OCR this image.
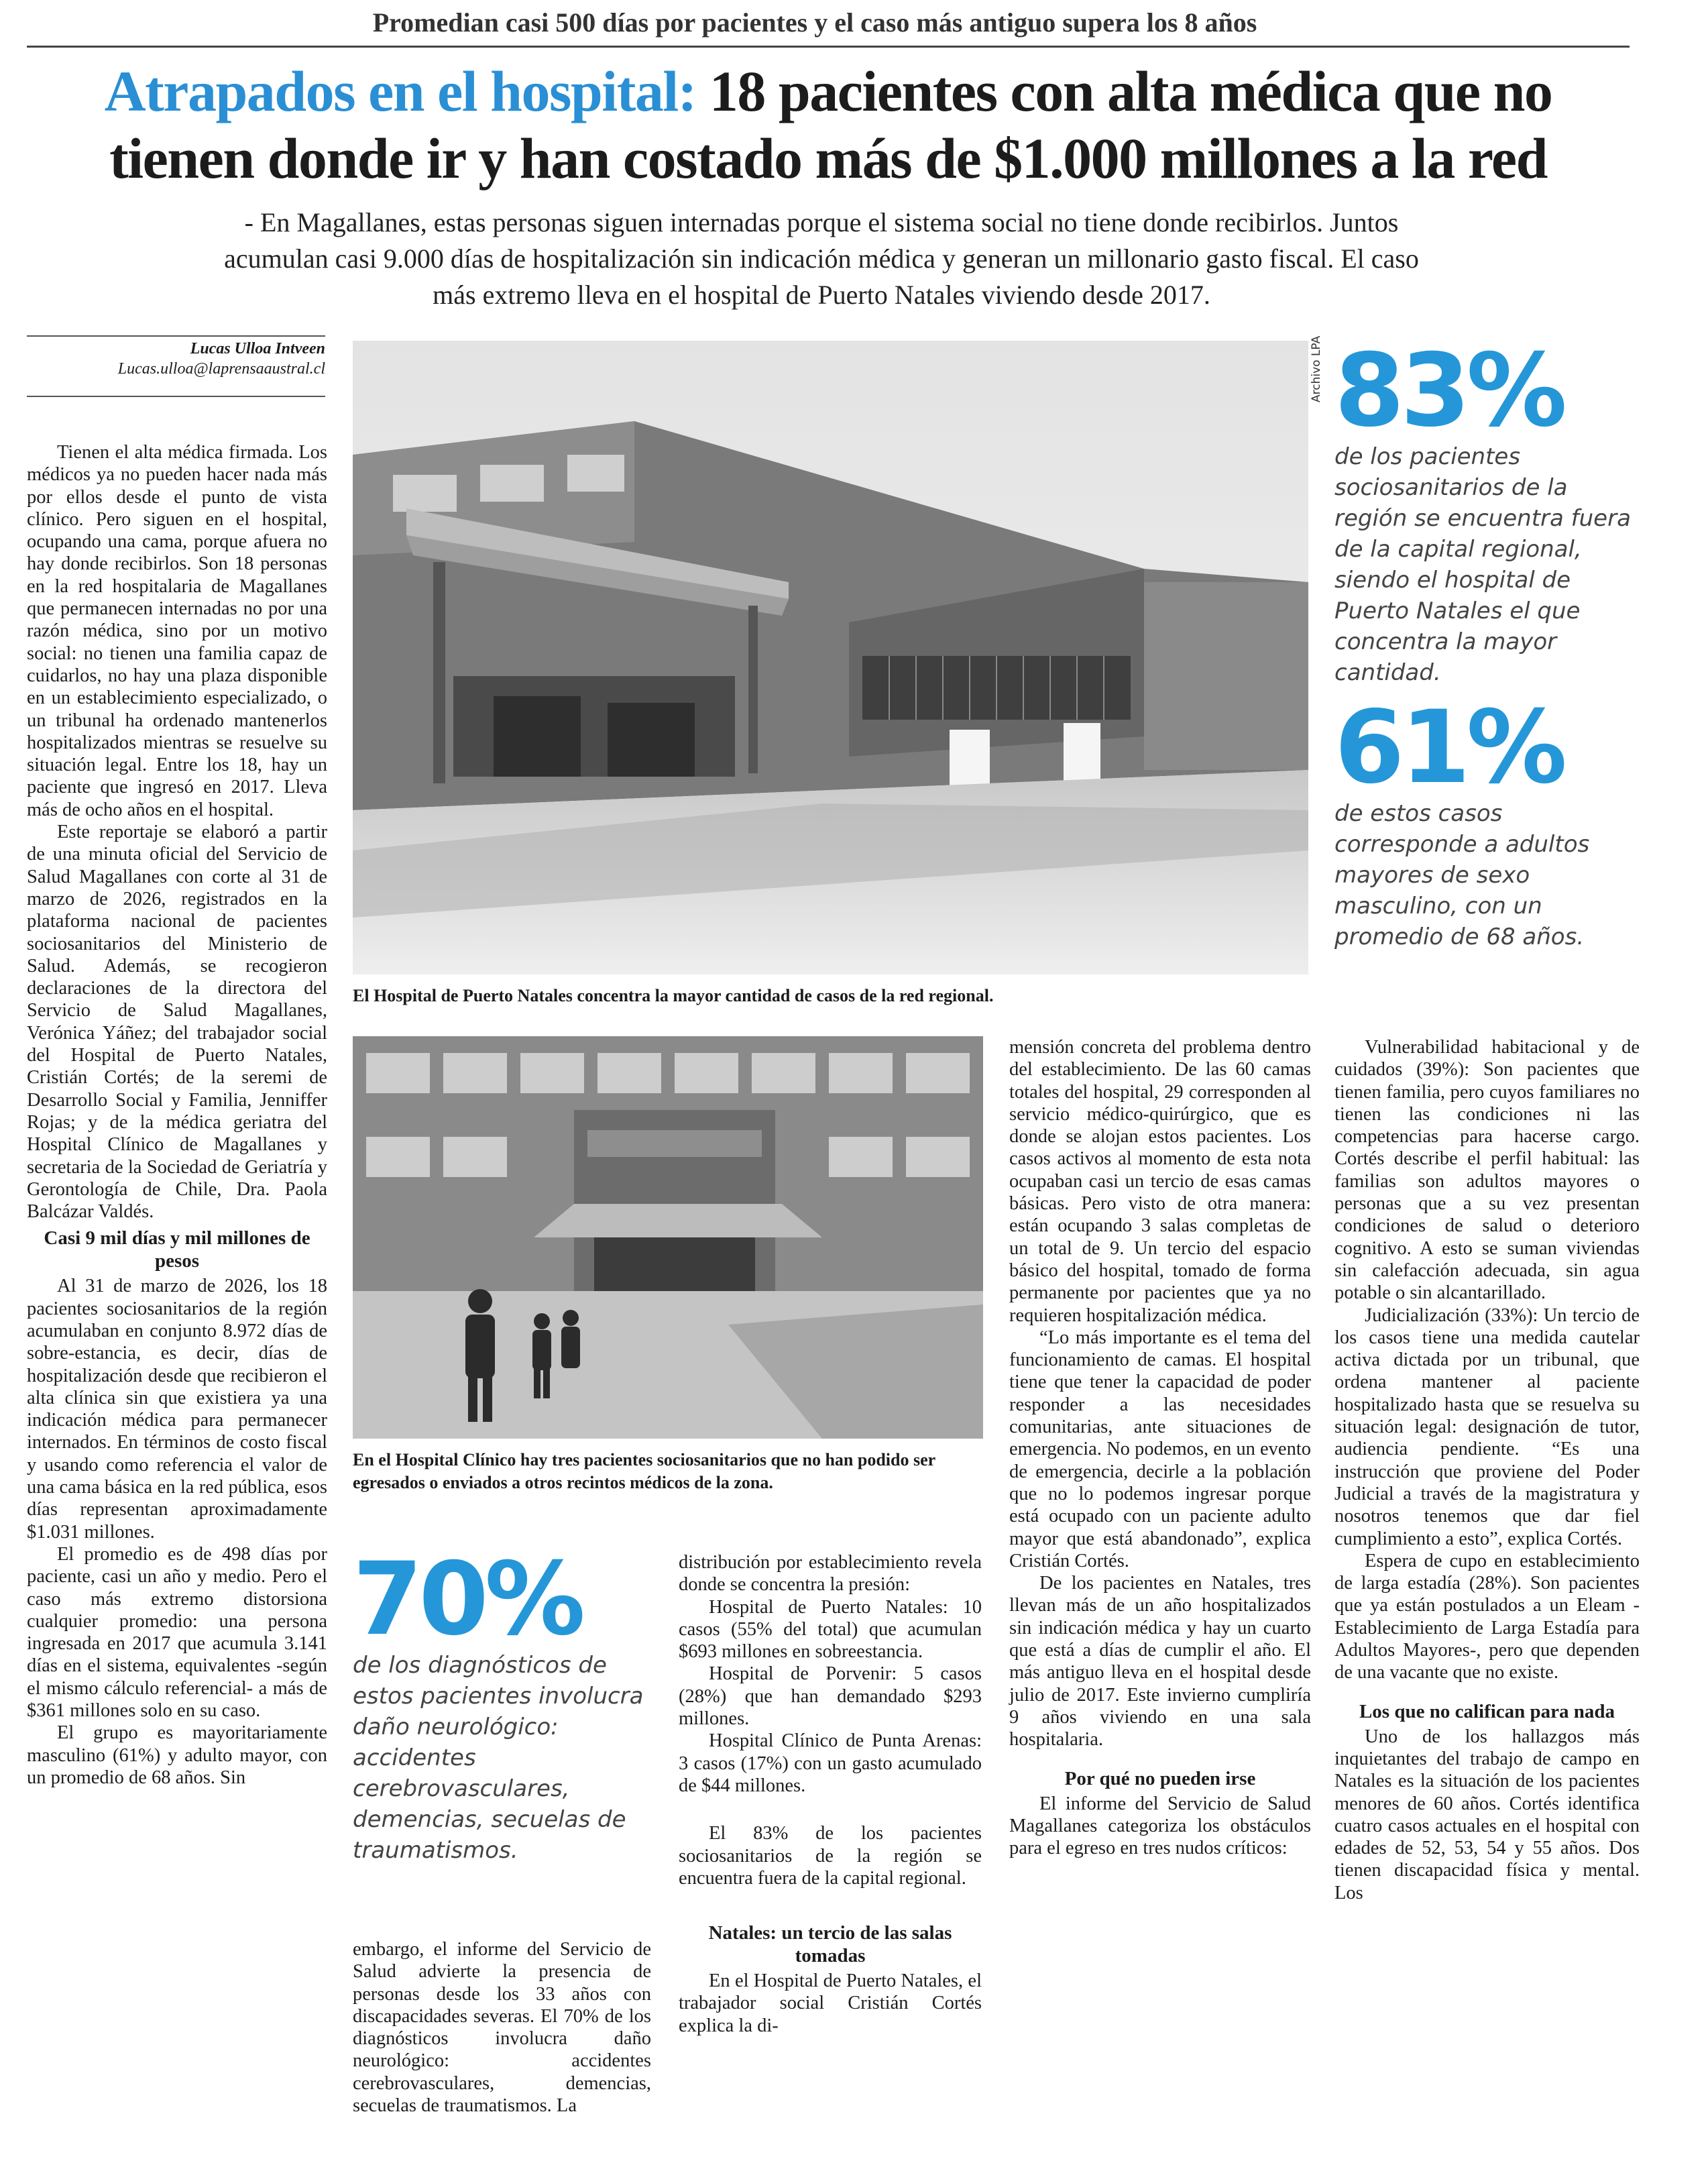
Promedian casi 500 días por pacientes y el caso más antiguo supera los 8 años
Atrapados en el hospital: 18 pacientes con alta médica que no tienen donde ir y han costado más de $1.000 millones a la red
- En Magallanes, estas personas siguen internadas porque el sistema social no tiene donde recibirlos. Juntos acumulan casi 9.000 días de hospitalización sin indicación médica y generan un millonario gasto fiscal. El caso más extremo lleva en el hospital de Puerto Natales viviendo desde 2017.
Lucas Ulloa Intveen
Lucas.ulloa@laprensaaustral.cl

Tienen el alta médica firmada. Los médicos ya no pueden hacer nada más por ellos desde el punto de vista clínico. Pero siguen en el hospital, ocupando una cama, porque afuera no hay donde recibirlos. Son 18 personas en la red hospitalaria de Magallanes que permanecen internadas no por una razón médica, sino por un motivo social: no tienen una familia capaz de cuidarlos, no hay una plaza disponible en un establecimiento especializado, o un tribunal ha ordenado mantenerlos hospitalizados mientras se resuelve su situación legal. Entre los 18, hay un paciente que ingresó en 2017. Lleva más de ocho años en el hospital.

Este reportaje se elaboró a partir de una minuta oficial del Servicio de Salud Magallanes con corte al 31 de marzo de 2026, registrados en la plataforma nacional de pacientes sociosanitarios del Ministerio de Salud. Además, se recogieron declaraciones de la directora del Servicio de Salud Magallanes, Verónica Yáñez; del trabajador social del Hospital de Puerto Natales, Cristián Cortés; de la seremi de Desarrollo Social y Familia, Jenniffer Rojas; y de la médica geriatra del Hospital Clínico de Magallanes y secretaria de la Sociedad de Geriatría y Gerontología de Chile, Dra. Paola Balcázar Valdés.

Casi 9 mil días y mil millones de pesos

Al 31 de marzo de 2026, los 18 pacientes sociosanitarios de la región acumulaban en conjunto 8.972 días de sobre-estancia, es decir, días de hospitalización desde que recibieron el alta clínica sin que existiera ya una indicación médica para permanecer internados. En términos de costo fiscal y usando como referencia el valor de una cama básica en la red pública, esos días representan aproximadamente $1.031 millones.

El promedio es de 498 días por paciente, casi un año y medio. Pero el caso más extremo distorsiona cualquier promedio: una persona ingresada en 2017 que acumula 3.141 días en el sistema, equivalentes -según el mismo cálculo referencial- a más de $361 millones solo en su caso.

El grupo es mayoritariamente masculino (61%) y adulto mayor, con un promedio de 68 años. Sin

Archivo LPA
El Hospital de Puerto Natales concentra la mayor cantidad de casos de la red regional.
83%
de los pacientes sociosanitarios de la región se encuentra fuera de la capital regional, siendo el hospital de Puerto Natales el que concentra la mayor cantidad.
61%
de estos casos corresponde a adultos mayores de sexo masculino, con un promedio de 68 años.
En el Hospital Clínico hay tres pacientes sociosanitarios que no han podido ser egresados o enviados a otros recintos médicos de la zona.
70%
de los diagnósticos de estos pacientes involucra daño neurológico: accidentes cerebrovasculares, demencias, secuelas de traumatismos.

embargo, el informe del Servicio de Salud advierte la presencia de personas desde los 33 años con discapacidades severas. El 70% de los diagnósticos involucra daño neurológico: accidentes cerebrovasculares, demencias, secuelas de traumatismos. La

distribución por establecimiento revela donde se concentra la presión:

Hospital de Puerto Natales: 10 casos (55% del total) que acumulan $693 millones en sobreestancia.

Hospital de Porvenir: 5 casos (28%) que han demandado $293 millones.

Hospital Clínico de Punta Arenas: 3 casos (17%) con un gasto acumulado de $44 millones.

El 83% de los pacientes sociosanitarios de la región se encuentra fuera de la capital regional.

Natales: un tercio de las salas tomadas

En el Hospital de Puerto Natales, el trabajador social Cristián Cortés explica la di-

mensión concreta del problema dentro del establecimiento. De las 60 camas totales del hospital, 29 corresponden al servicio médico-quirúrgico, que es donde se alojan estos pacientes. Los casos activos al momento de esta nota ocupaban casi un tercio de esas camas básicas. Pero visto de otra manera: están ocupando 3 salas completas de un total de 9. Un tercio del espacio básico del hospital, tomado de forma permanente por pacientes que ya no requieren hospitalización médica.

“Lo más importante es el tema del funcionamiento de camas. El hospital tiene que tener la capacidad de poder responder a las necesidades comunitarias, ante situaciones de emergencia. No podemos, en un evento de emergencia, decirle a la población que no lo podemos ingresar porque está ocupado con un paciente adulto mayor que está abandonado”, explica Cristián Cortés.

De los pacientes en Natales, tres llevan más de un año hospitalizados sin indicación médica y hay un cuarto que está a días de cumplir el año. El más antiguo lleva en el hospital desde julio de 2017. Este invierno cumpliría 9 años viviendo en una sala hospitalaria.

Por qué no pueden irse

El informe del Servicio de Salud Magallanes categoriza los obstáculos para el egreso en tres nudos críticos:

Vulnerabilidad habitacional y de cuidados (39%): Son pacientes que tienen familia, pero cuyos familiares no tienen las condiciones ni las competencias para hacerse cargo. Cortés describe el perfil habitual: las familias son adultos mayores o personas que a su vez presentan condiciones de salud o deterioro cognitivo. A esto se suman viviendas sin calefacción adecuada, sin agua potable o sin alcantarillado.

Judicialización (33%): Un tercio de los casos tiene una medida cautelar activa dictada por un tribunal, que ordena mantener al paciente hospitalizado hasta que se resuelva su situación legal: designación de tutor, audiencia pendiente. “Es una instrucción que proviene del Poder Judicial a través de la magistratura y nosotros tenemos que dar fiel cumplimiento a esto”, explica Cortés.

Espera de cupo en establecimiento de larga estadía (28%). Son pacientes que ya están postulados a un Eleam -Establecimiento de Larga Estadía para Adultos Mayores-, pero que dependen de una vacante que no existe.

Los que no califican para nada

Uno de los hallazgos más inquietantes del trabajo de campo en Natales es la situación de los pacientes menores de 60 años. Cortés identifica cuatro casos actuales en el hospital con edades de 52, 53, 54 y 55 años. Dos tienen discapacidad física y mental. Los
